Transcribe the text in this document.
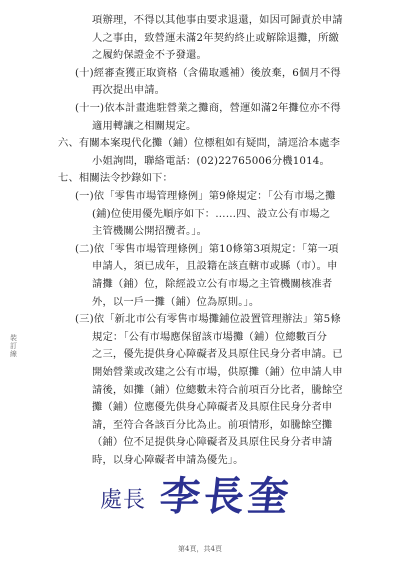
裝訂線
項辦理，不得以其他事由要求退還，如因可歸責於申請
人之事由，致營運未滿2年契約終止或解除退攤，所繳
之履約保證金不予發還。
(十)經審查獲正取資格（含備取遞補）後放棄，6個月不得
再次提出申請。
(十一)依本計畫進駐營業之攤商，營運如滿2年攤位亦不得
適用轉讓之相關規定。
六、有關本案現代化攤（鋪）位標租如有疑問，請逕洽本處李
小姐詢問，聯絡電話：(02)22765006分機1014。
七、相關法令抄錄如下：
(一)依「零售市場管理條例」第9條規定：「公有市場之攤
(鋪)位使用優先順序如下：……四、設立公有市場之
主管機關公開招攬者。」。
(二)依「零售市場管理條例」第10條第3項規定：「第一項
申請人，須已成年，且設籍在該直轄市或縣（市）。申
請攤（鋪）位，除經設立公有市場之主管機關核准者
外，以一戶一攤（鋪）位為原則。」。
(三)依「新北市公有零售市場攤鋪位設置管理辦法」第5條
規定：「公有市場應保留該市場攤（鋪）位總數百分
之三，優先提供身心障礙者及具原住民身分者申請。已
開始營業或改建之公有市場，供原攤（鋪）位申請人申
請後，如攤（鋪）位總數未符合前項百分比者，騰餘空
攤（鋪）位應優先供身心障礙者及具原住民身分者申
請，至符合各該百分比為止。前項情形，如騰餘空攤
（鋪）位不足提供身心障礙者及具原住民身分者申請
時，以身心障礙者申請為優先」。
處長 李長奎
第4頁，共4頁
